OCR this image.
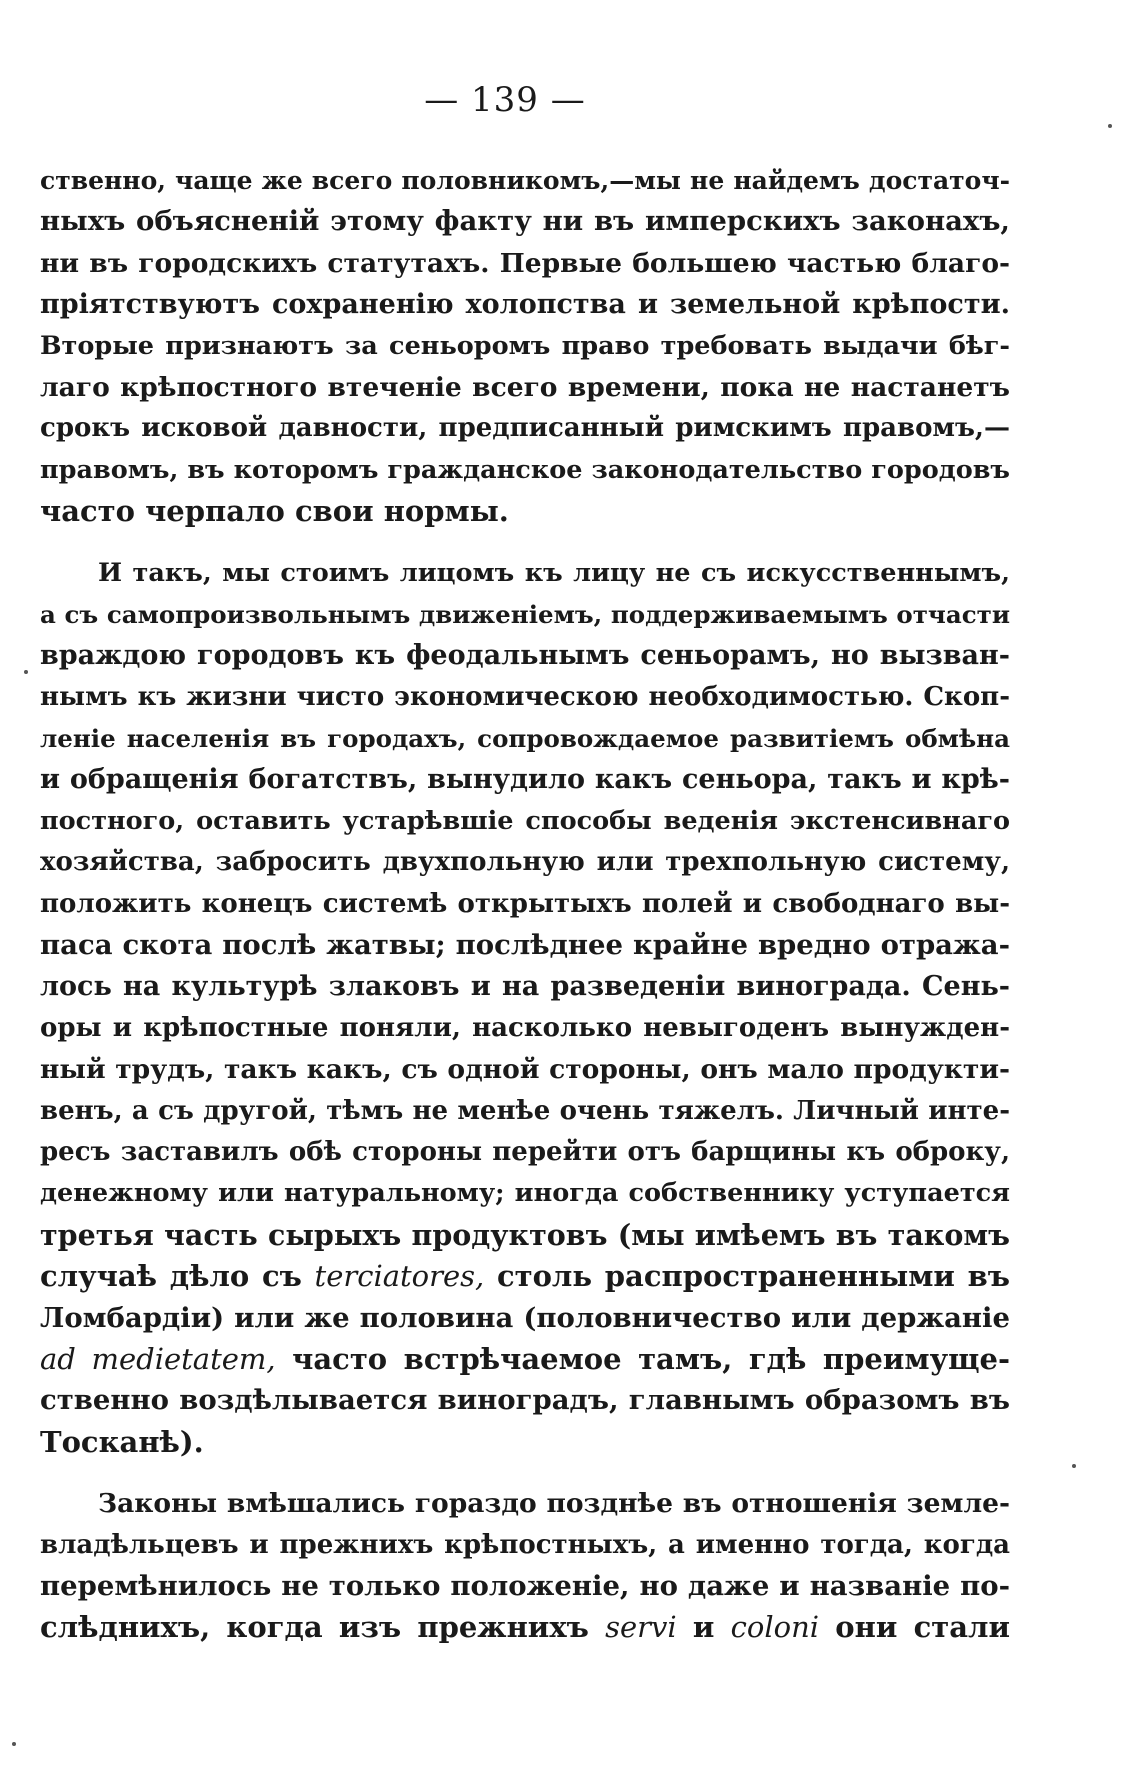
— 139 —
ственно, чаще же всего половникомъ,—мы не найдемъ достаточ-
ныхъ объясненій этому факту ни въ имперскихъ законахъ,
ни въ городскихъ статутахъ. Первые большею частью благо-
пріятствуютъ сохраненію холопства и земельной крѣпости.
Вторые признаютъ за сеньоромъ право требовать выдачи бѣг-
лаго крѣпостного втеченіе всего времени, пока не настанетъ
срокъ исковой давности, предписанный римскимъ правомъ,—
правомъ, въ которомъ гражданское законодательство городовъ
часто черпало свои нормы.
И такъ, мы стоимъ лицомъ къ лицу не съ искусственнымъ,
а съ самопроизвольнымъ движеніемъ, поддерживаемымъ отчасти
враждою городовъ къ феодальнымъ сеньорамъ, но вызван-
нымъ къ жизни чисто экономическою необходимостью. Скоп-
леніе населенія въ городахъ, сопровождаемое развитіемъ обмѣна
и обращенія богатствъ, вынудило какъ сеньора, такъ и крѣ-
постного, оставить устарѣвшіе способы веденія экстенсивнаго
хозяйства, забросить двухпольную или трехпольную систему,
положить конецъ системѣ открытыхъ полей и свободнаго вы-
паса скота послѣ жатвы; послѣднее крайне вредно отража-
лось на культурѣ злаковъ и на разведеніи винограда. Сень-
оры и крѣпостные поняли, насколько невыгоденъ вынужден-
ный трудъ, такъ какъ, съ одной стороны, онъ мало продукти-
венъ, а съ другой, тѣмъ не менѣе очень тяжелъ. Личный инте-
ресъ заставилъ обѣ стороны перейти отъ барщины къ оброку,
денежному или натуральному; иногда собственнику уступается
третья часть сырыхъ продуктовъ (мы имѣемъ въ такомъ
случаѣ дѣло съ terciatores, столь распространенными въ
Ломбардіи) или же половина (половничество или держаніе
ad medietatem, часто встрѣчаемое тамъ, гдѣ преимуще-
ственно воздѣлывается виноградъ, главнымъ образомъ въ
Тосканѣ).
Законы вмѣшались гораздо позднѣе въ отношенія земле-
владѣльцевъ и прежнихъ крѣпостныхъ, а именно тогда, когда
перемѣнилось не только положеніе, но даже и названіе по-
слѣднихъ, когда изъ прежнихъ servi и coloni они стали
